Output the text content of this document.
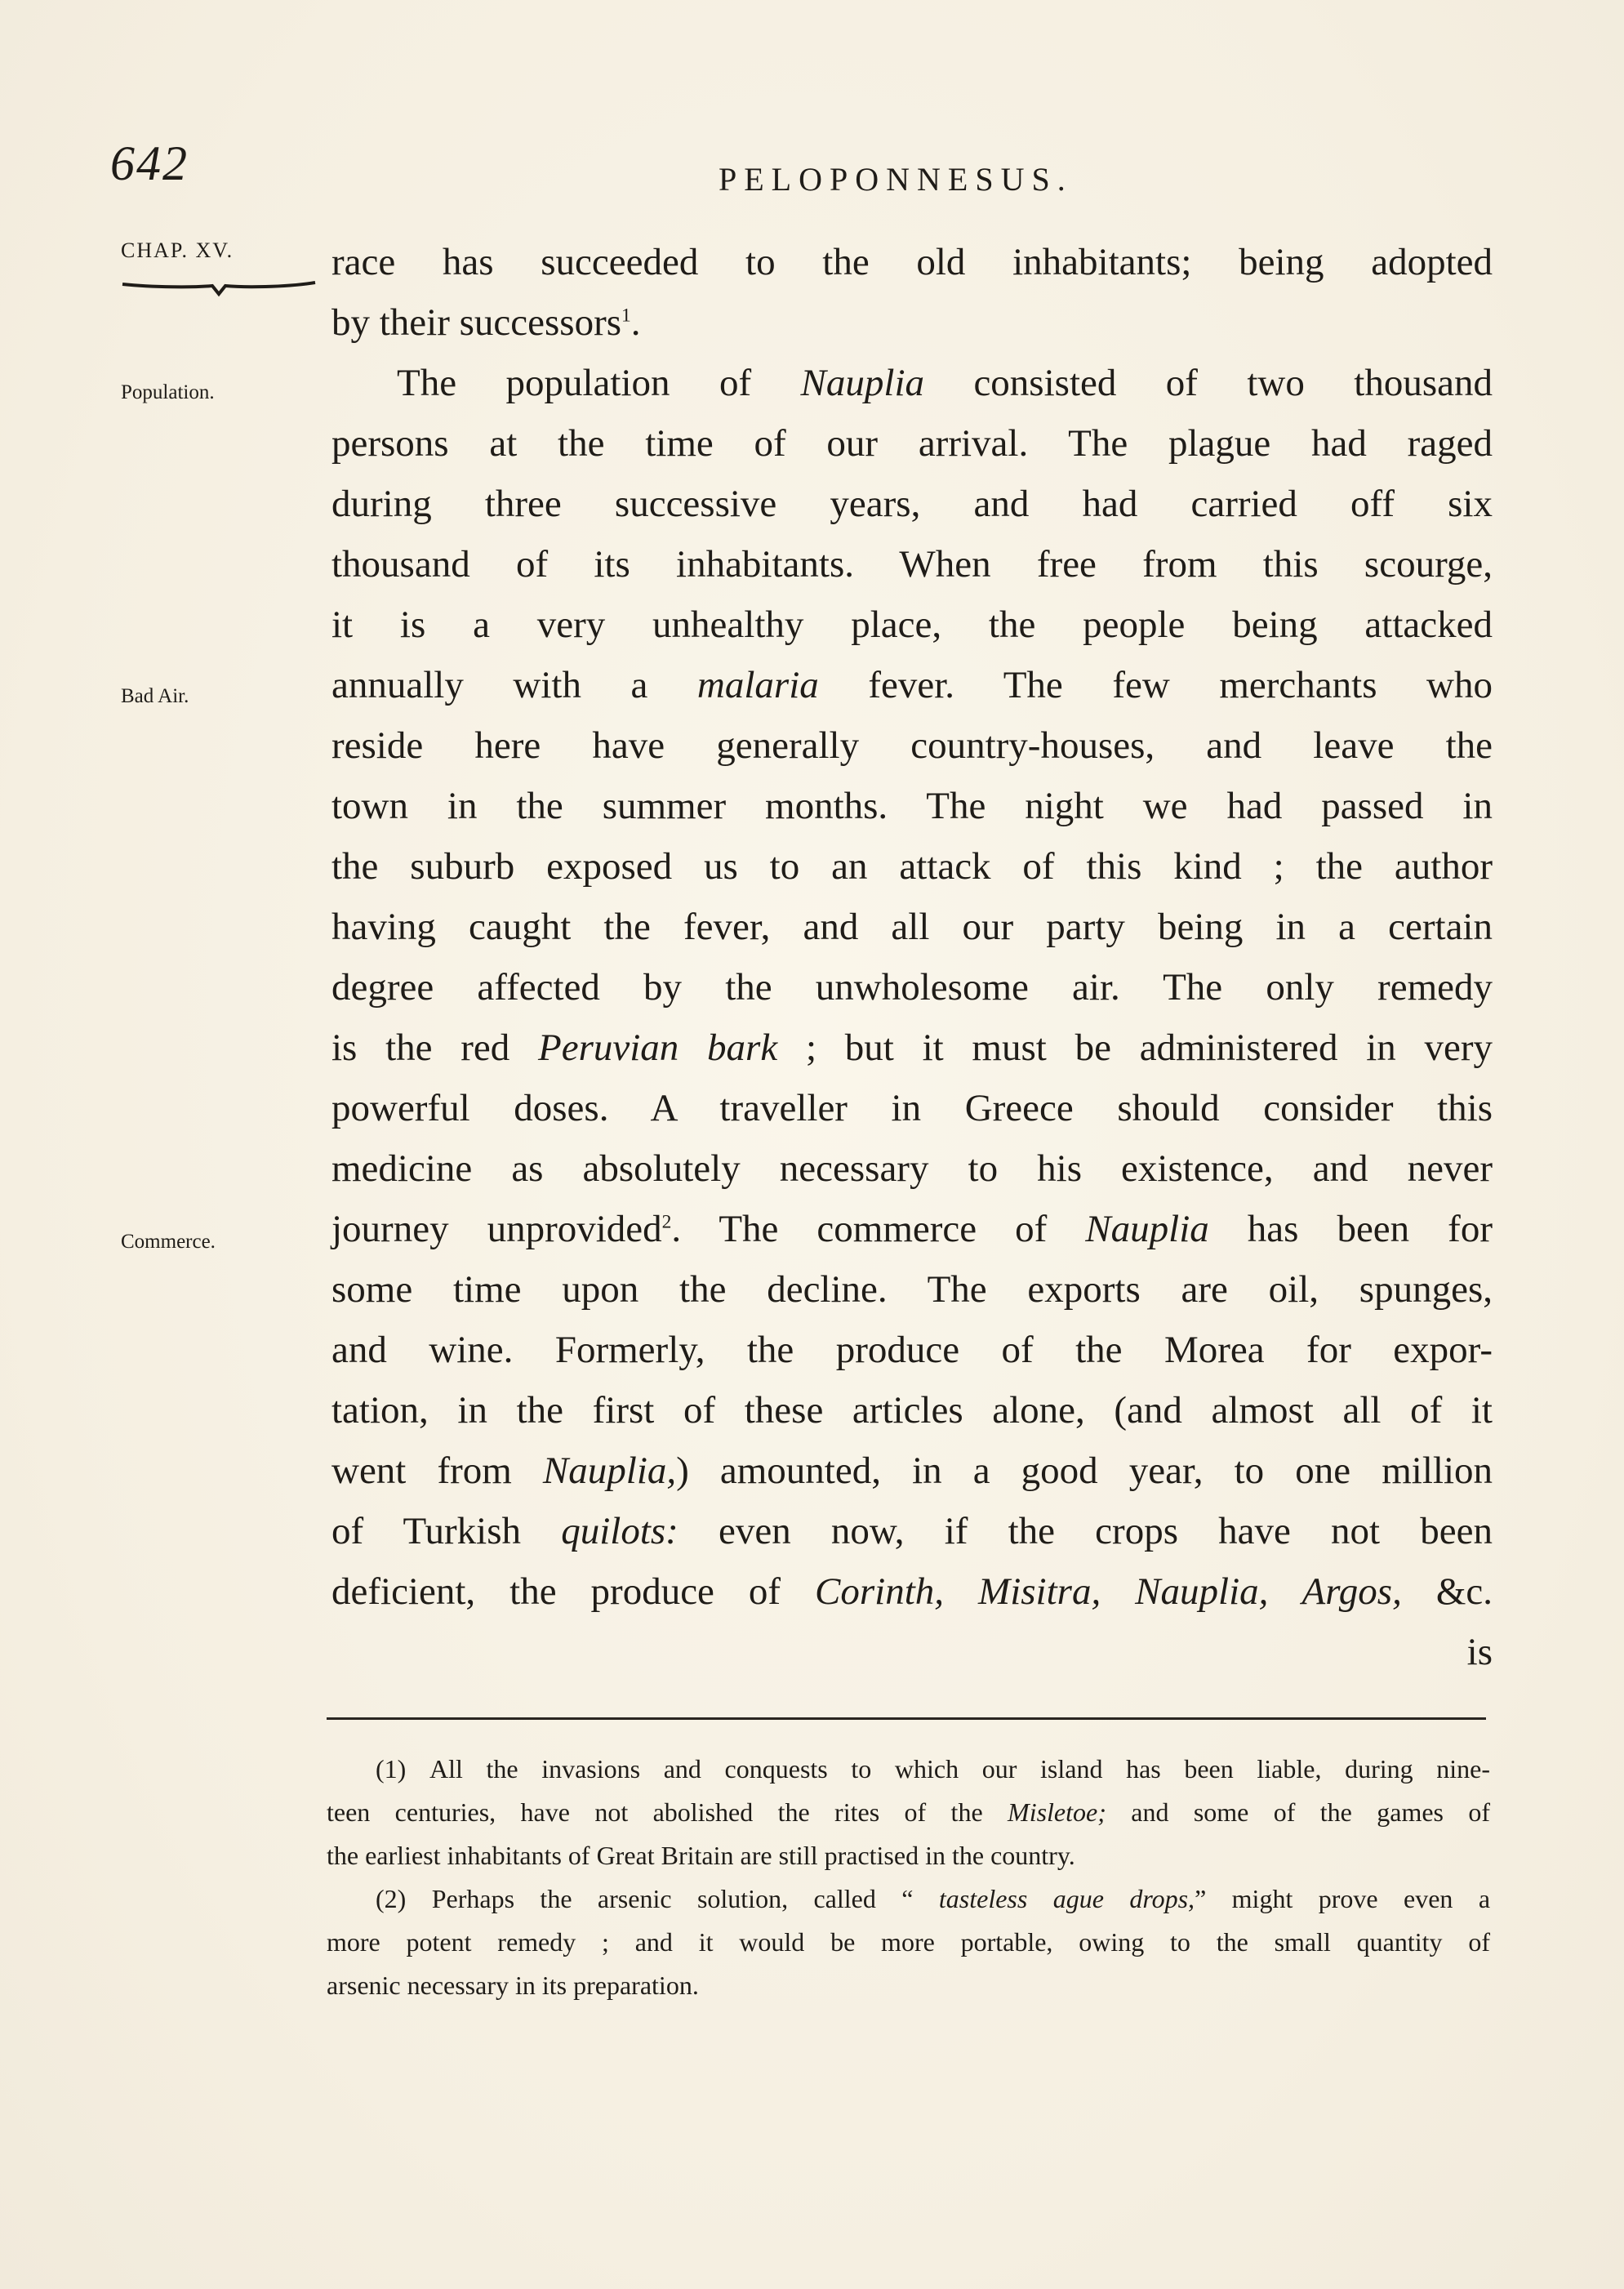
642	PELOPONNESUS.
CHAP. XV.
Population.
Bad Air.
Commerce.
race has succeeded to the old inhabitants; being adopted
by their successors$^1$.
The population of Nauplia consisted of two thousand
persons at the time of our arrival. The plague had raged
during three successive years, and had carried off six
thousand of its inhabitants. When free from this scourge,
it is a very unhealthy place, the people being attacked
annually with a malaria fever. The few merchants who
reside here have generally country-houses, and leave the
town in the summer months. The night we had passed in
the suburb exposed us to an attack of this kind ; the author
having caught the fever, and all our party being in a certain
degree affected by the unwholesome air. The only remedy
is the red Peruvian bark ; but it must be administered in very
powerful doses. A traveller in Greece should consider this
medicine as absolutely necessary to his existence, and never
journey unprovided$^2$. The commerce of Nauplia has been for
some time upon the decline. The exports are oil, spunges,
and wine. Formerly, the produce of the Morea for expor-
tation, in the first of these articles alone, (and almost all of it
went from Nauplia,) amounted, in a good year, to one million
of Turkish quilots: even now, if the crops have not been
deficient, the produce of Corinth, Misitra, Nauplia, Argos, &c.
is
(1) All the invasions and conquests to which our island has been liable, during nine-
teen centuries, have not abolished the rites of the Misletoe; and some of the games of
the earliest inhabitants of Great Britain are still practised in the country.
(2) Perhaps the arsenic solution, called “ tasteless ague drops,” might prove even a
more potent remedy ; and it would be more portable, owing to the small quantity of
arsenic necessary in its preparation.
